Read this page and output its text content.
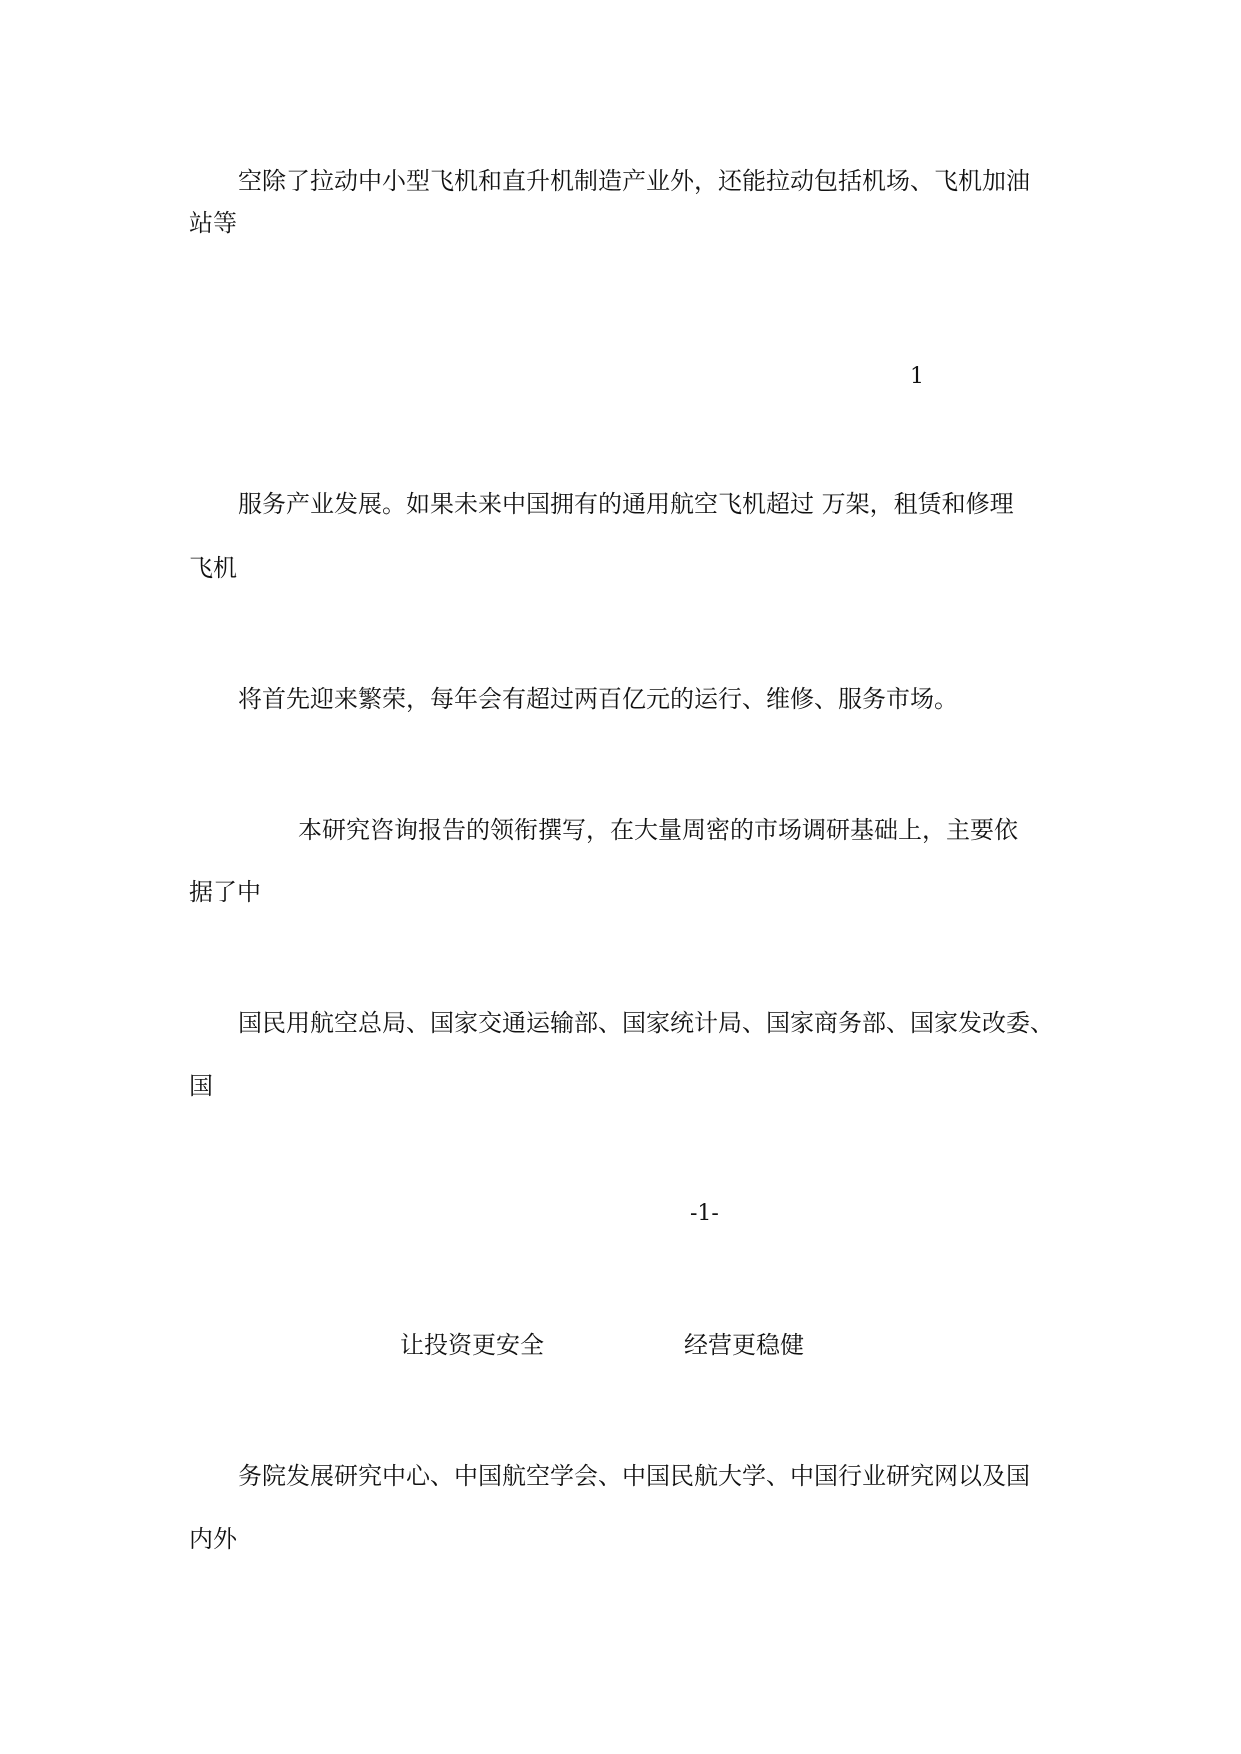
空除了拉动中小型飞机和直升机制造产业外，还能拉动包括机场、飞机加油

站等

1

服务产业发展。如果未来中国拥有的通用航空飞机超过 万架，租赁和修理

飞机

将首先迎来繁荣，每年会有超过两百亿元的运行、维修、服务市场。

本研究咨询报告的领衔撰写，在大量周密的市场调研基础上，主要依

据了中

国民用航空总局、国家交通运输部、国家统计局、国家商务部、国家发改委、

国

-1-

让投资更安全	经营更稳健

务院发展研究中心、中国航空学会、中国民航大学、中国行业研究网以及国

内外
